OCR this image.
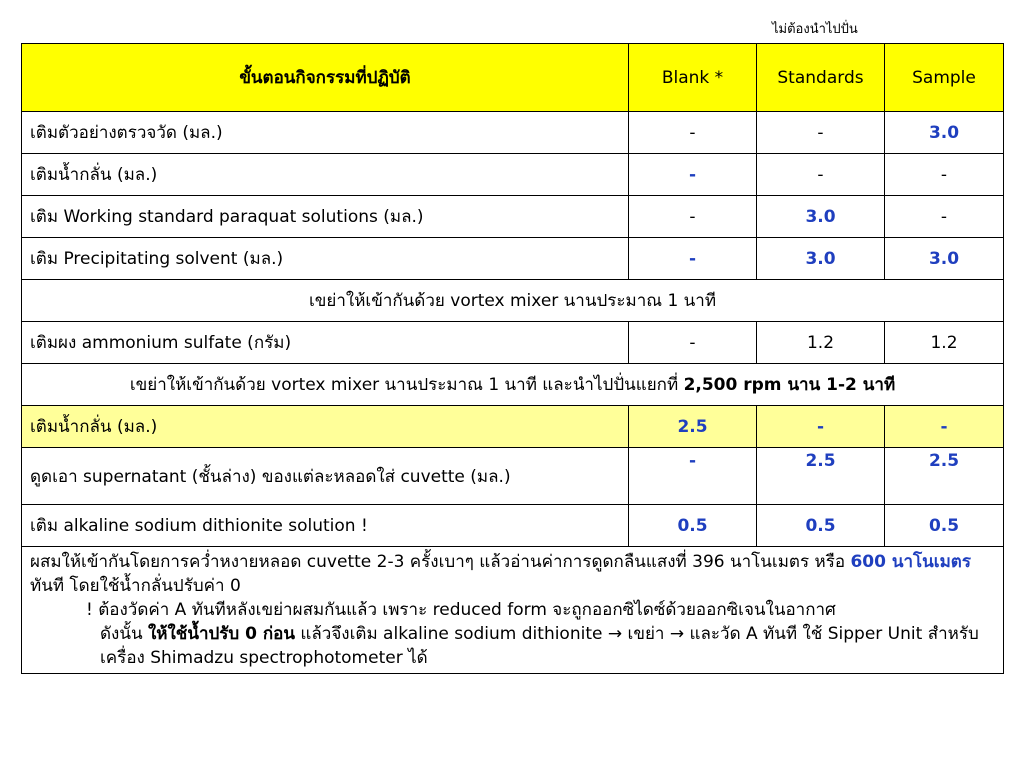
ไม่ต้องนำไปปั่น
ขั้นตอนกิจกรรมที่ปฏิบัติ	Blank *	Standards	Sample
เติมตัวอย่างตรวจวัด (มล.)	-	-	3.0
เติมน้ำกลั่น (มล.)	-	-	-
เติม Working standard paraquat solutions (มล.)	-	3.0	-
เติม Precipitating solvent (มล.)	-	3.0	3.0
เขย่าให้เข้ากันด้วย vortex mixer นานประมาณ 1 นาที			
เติมผง ammonium sulfate (กรัม)	-	1.2	1.2
เขย่าให้เข้ากันด้วย vortex mixer นานประมาณ 1 นาที และนำไปปั่นแยกที่ 2,500 rpm นาน 1-2 นาที			
เติมน้ำกลั่น (มล.)	2.5	-	-
ดูดเอา supernatant (ชั้นล่าง) ของแต่ละหลอดใส่ cuvette (มล.)	-	2.5	2.5
เติม alkaline sodium dithionite solution !	0.5	0.5	0.5

ผสมให้เข้ากันโดยการคว่ำหงายหลอด cuvette 2-3 ครั้งเบาๆ แล้วอ่านค่าการดูดกลืนแสงที่ 396 นาโนเมตร หรือ 600 นาโนเมตร ทันที โดยใช้น้ำกลั่นปรับค่า 0
! ต้องวัดค่า A ทันทีหลังเขย่าผสมกันแล้ว เพราะ reduced form จะถูกออกซิไดซ์ด้วยออกซิเจนในอากาศ
ดังนั้น ให้ใช้น้ำปรับ 0 ก่อน แล้วจึงเติม alkaline sodium dithionite → เขย่า → และวัด A ทันที ใช้ Sipper Unit สำหรับเครื่อง Shimadzu spectrophotometer ได้			
